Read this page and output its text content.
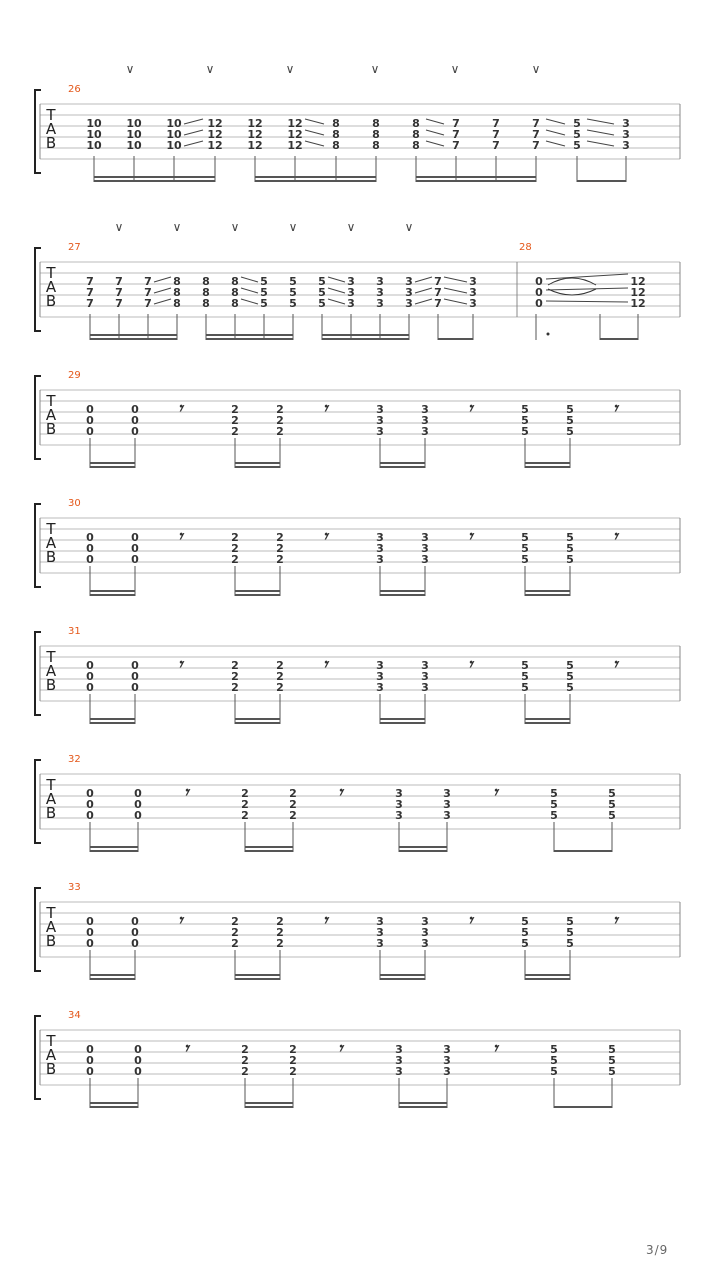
T
A
B
26
10
10
10
10
10
10
10
10
10
12
12
12
12
12
12
12
12
12
8
8
8
8
8
8
8
8
8
7
7
7
7
7
7
7
7
7
5
5
5
3
3
3
∨	∨	∨	∨	∨	∨
T
A
B
27	28
7
7
7
7
7
7
7
7
7
8
8
8
8
8
8
8
8
8
5
5
5
5
5
5
5
5
5
3
3
3
3
3
3
3
3
3
7
7
7
3
3
3
∨	∨	∨	∨	∨	∨
0
0
0
12
12
12
T
A
B
29
0
0
0
0
0
0
𝄾	2
2
2
2
2
2
𝄾	3
3
3
3
3
3
𝄾	5
5
5
5
5
5
𝄾
T
A
B
30
0
0
0
0
0
0
𝄾	2
2
2
2
2
2
𝄾	3
3
3
3
3
3
𝄾	5
5
5
5
5
5
𝄾
T
A
B
31
0
0
0
0
0
0
𝄾	2
2
2
2
2
2
𝄾	3
3
3
3
3
3
𝄾	5
5
5
5
5
5
𝄾
T
A
B
32
0
0
0
0
0
0
𝄾	2
2
2
2
2
2
𝄾	3
3
3
3
3
3
𝄾	5
5
5
5
5
5
T
A
B
33
0
0
0
0
0
0
𝄾	2
2
2
2
2
2
𝄾	3
3
3
3
3
3
𝄾	5
5
5
5
5
5
𝄾
T
A
B
34
0
0
0
0
0
0
𝄾	2
2
2
2
2
2
𝄾	3
3
3
3
3
3
𝄾	5
5
5
5
5
5
3/9
